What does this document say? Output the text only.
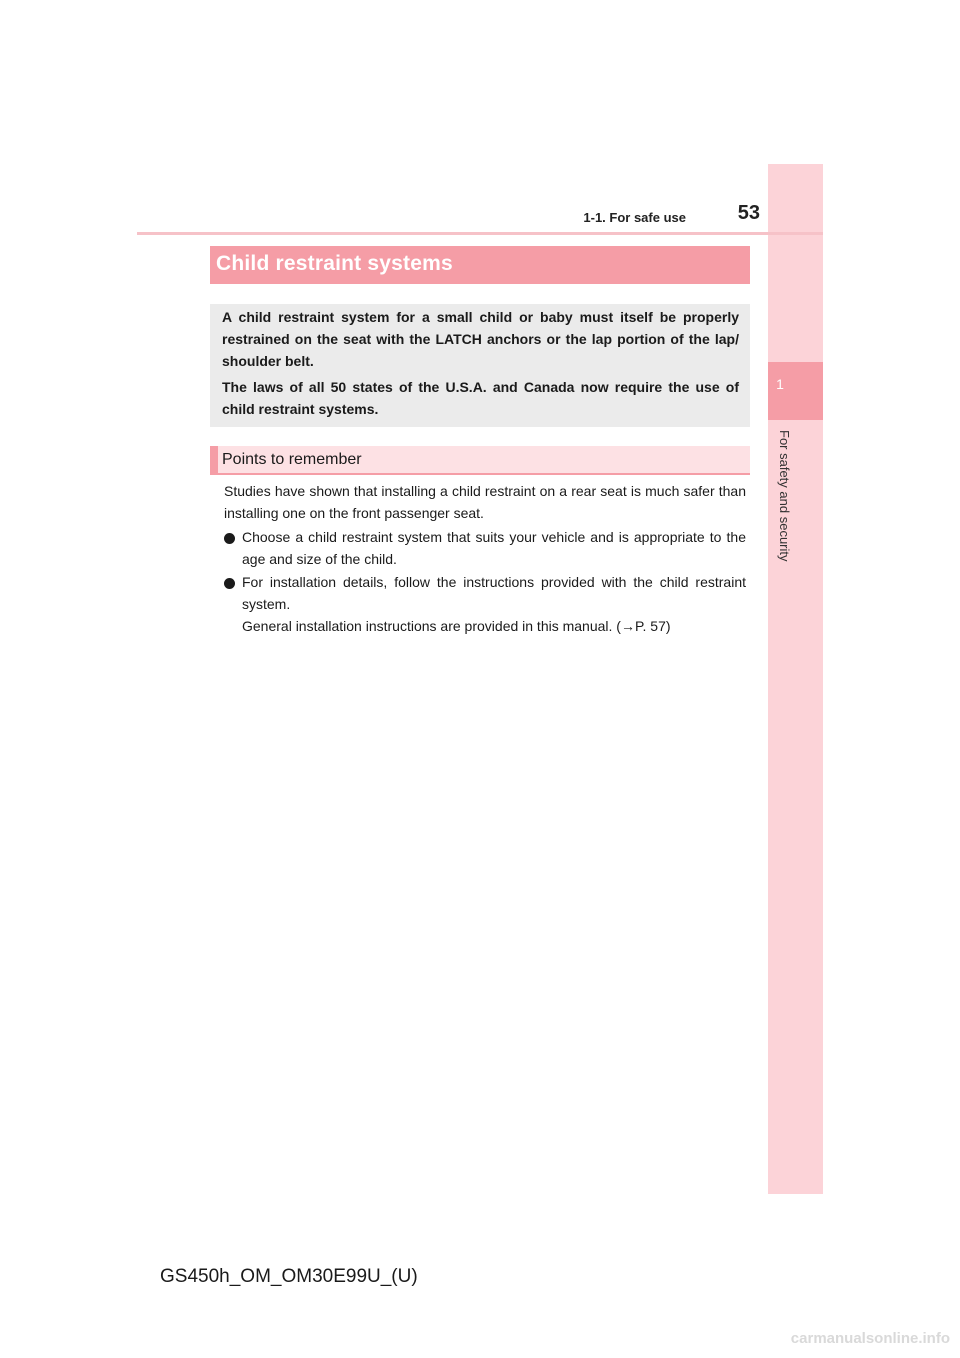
1
For safety and security
1-1. For safe use	53
Child restraint systems

A child restraint system for a small child or baby must itself be properly restrained on the seat with the LATCH anchors or the lap portion of the lap/ shoulder belt.

The laws of all 50 states of the U.S.A. and Canada now require the use of child restraint systems.

Points to remember

Studies have shown that installing a child restraint on a rear seat is much safer than installing one on the front passenger seat.

Choose a child restraint system that suits your vehicle and is appropriate to the age and size of the child.

For installation details, follow the instructions provided with the child restraint system.

General installation instructions are provided in this manual. (→P. 57)

GS450h_OM_OM30E99U_(U)
carmanualsonline.info
